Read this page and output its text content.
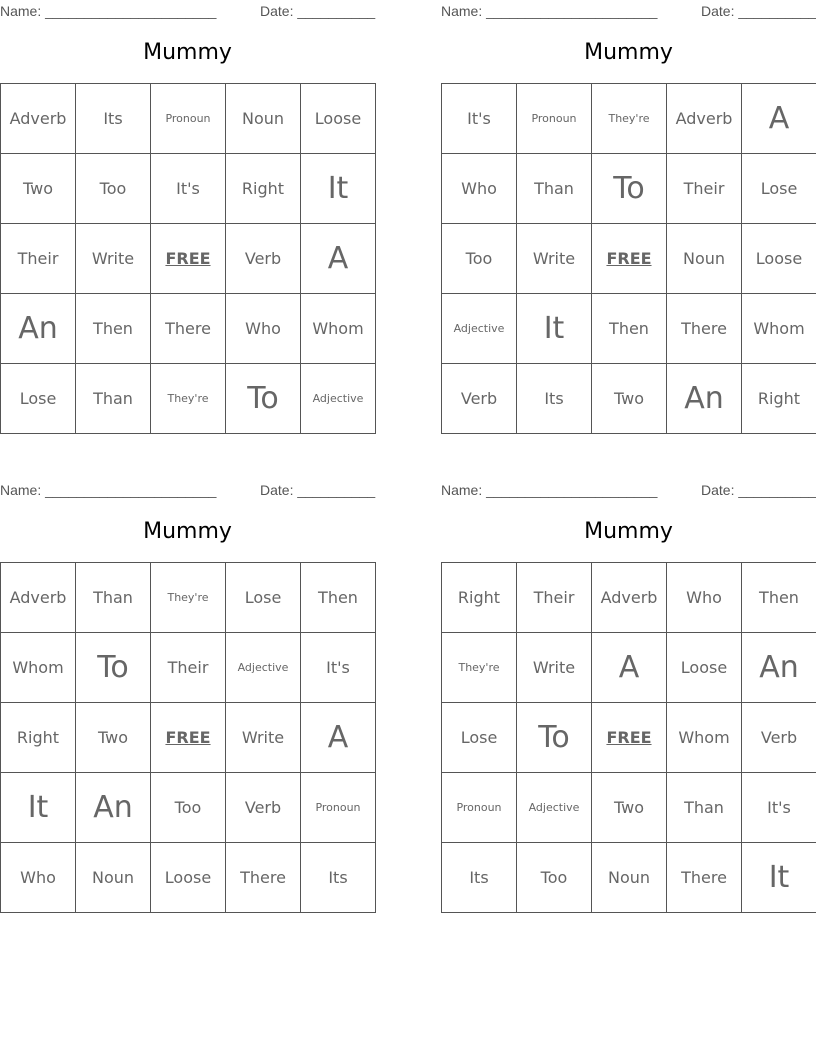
Name: ______________________	Date: __________
Mummy
Adverb	Its	Pronoun	Noun	Loose
Two	Too	It's	Right	It
Their	Write	FREE	Verb	A
An	Then	There	Who	Whom
Lose	Than	They're	To	Adjective
Name: ______________________	Date: __________
Mummy
It's	Pronoun	They're	Adverb	A
Who	Than	To	Their	Lose
Too	Write	FREE	Noun	Loose
Adjective	It	Then	There	Whom
Verb	Its	Two	An	Right
Name: ______________________	Date: __________
Mummy
Adverb	Than	They're	Lose	Then
Whom	To	Their	Adjective	It's
Right	Two	FREE	Write	A
It	An	Too	Verb	Pronoun
Who	Noun	Loose	There	Its
Name: ______________________	Date: __________
Mummy
Right	Their	Adverb	Who	Then
They're	Write	A	Loose	An
Lose	To	FREE	Whom	Verb
Pronoun	Adjective	Two	Than	It's
Its	Too	Noun	There	It
